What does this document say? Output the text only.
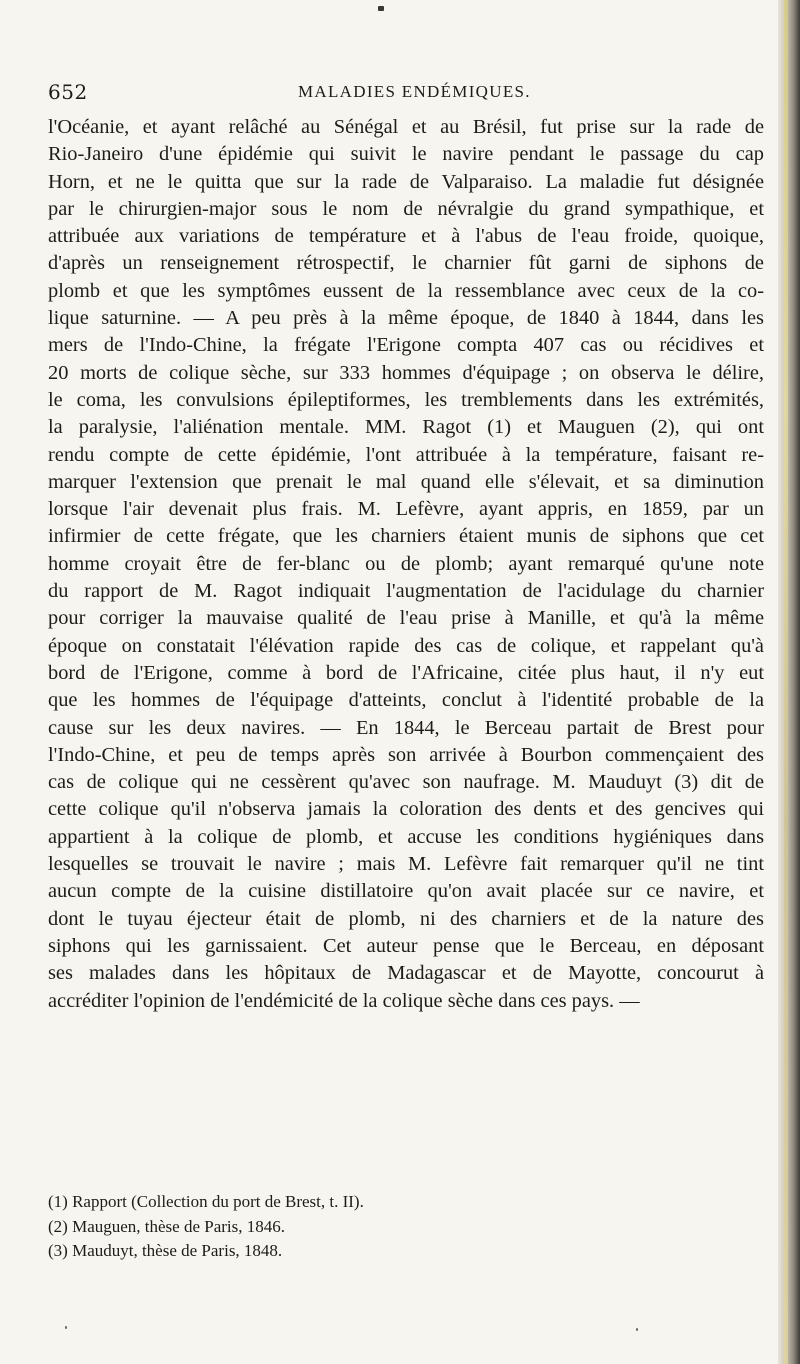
652	MALADIES ENDÉMIQUES.
l'Océanie, et ayant relâché au Sénégal et au Brésil, fut prise sur la rade de
Rio-Janeiro d'une épidémie qui suivit le navire pendant le passage du cap
Horn, et ne le quitta que sur la rade de Valparaiso. La maladie fut désignée
par le chirurgien-major sous le nom de névralgie du grand sympathique, et
attribuée aux variations de température et à l'abus de l'eau froide, quoique,
d'après un renseignement rétrospectif, le charnier fût garni de siphons de
plomb et que les symptômes eussent de la ressemblance avec ceux de la co-
lique saturnine. — A peu près à la même époque, de 1840 à 1844, dans les
mers de l'Indo-Chine, la frégate l'Erigone compta 407 cas ou récidives et
20 morts de colique sèche, sur 333 hommes d'équipage ; on observa le délire,
le coma, les convulsions épileptiformes, les tremblements dans les extrémités,
la paralysie, l'aliénation mentale. MM. Ragot (1) et Mauguen (2), qui ont
rendu compte de cette épidémie, l'ont attribuée à la température, faisant re-
marquer l'extension que prenait le mal quand elle s'élevait, et sa diminution
lorsque l'air devenait plus frais. M. Lefèvre, ayant appris, en 1859, par un
infirmier de cette frégate, que les charniers étaient munis de siphons que cet
homme croyait être de fer-blanc ou de plomb; ayant remarqué qu'une note
du rapport de M. Ragot indiquait l'augmentation de l'acidulage du charnier
pour corriger la mauvaise qualité de l'eau prise à Manille, et qu'à la même
époque on constatait l'élévation rapide des cas de colique, et rappelant qu'à
bord de l'Erigone, comme à bord de l'Africaine, citée plus haut, il n'y eut
que les hommes de l'équipage d'atteints, conclut à l'identité probable de la
cause sur les deux navires. — En 1844, le Berceau partait de Brest pour
l'Indo-Chine, et peu de temps après son arrivée à Bourbon commençaient des
cas de colique qui ne cessèrent qu'avec son naufrage. M. Mauduyt (3) dit de
cette colique qu'il n'observa jamais la coloration des dents et des gencives qui
appartient à la colique de plomb, et accuse les conditions hygiéniques dans
lesquelles se trouvait le navire ; mais M. Lefèvre fait remarquer qu'il ne tint
aucun compte de la cuisine distillatoire qu'on avait placée sur ce navire, et
dont le tuyau éjecteur était de plomb, ni des charniers et de la nature des
siphons qui les garnissaient. Cet auteur pense que le Berceau, en déposant
ses malades dans les hôpitaux de Madagascar et de Mayotte, concourut à
accréditer l'opinion de l'endémicité de la colique sèche dans ces pays. —
(1) Rapport (Collection du port de Brest, t. II).
(2) Mauguen, thèse de Paris, 1846.
(3) Mauduyt, thèse de Paris, 1848.
